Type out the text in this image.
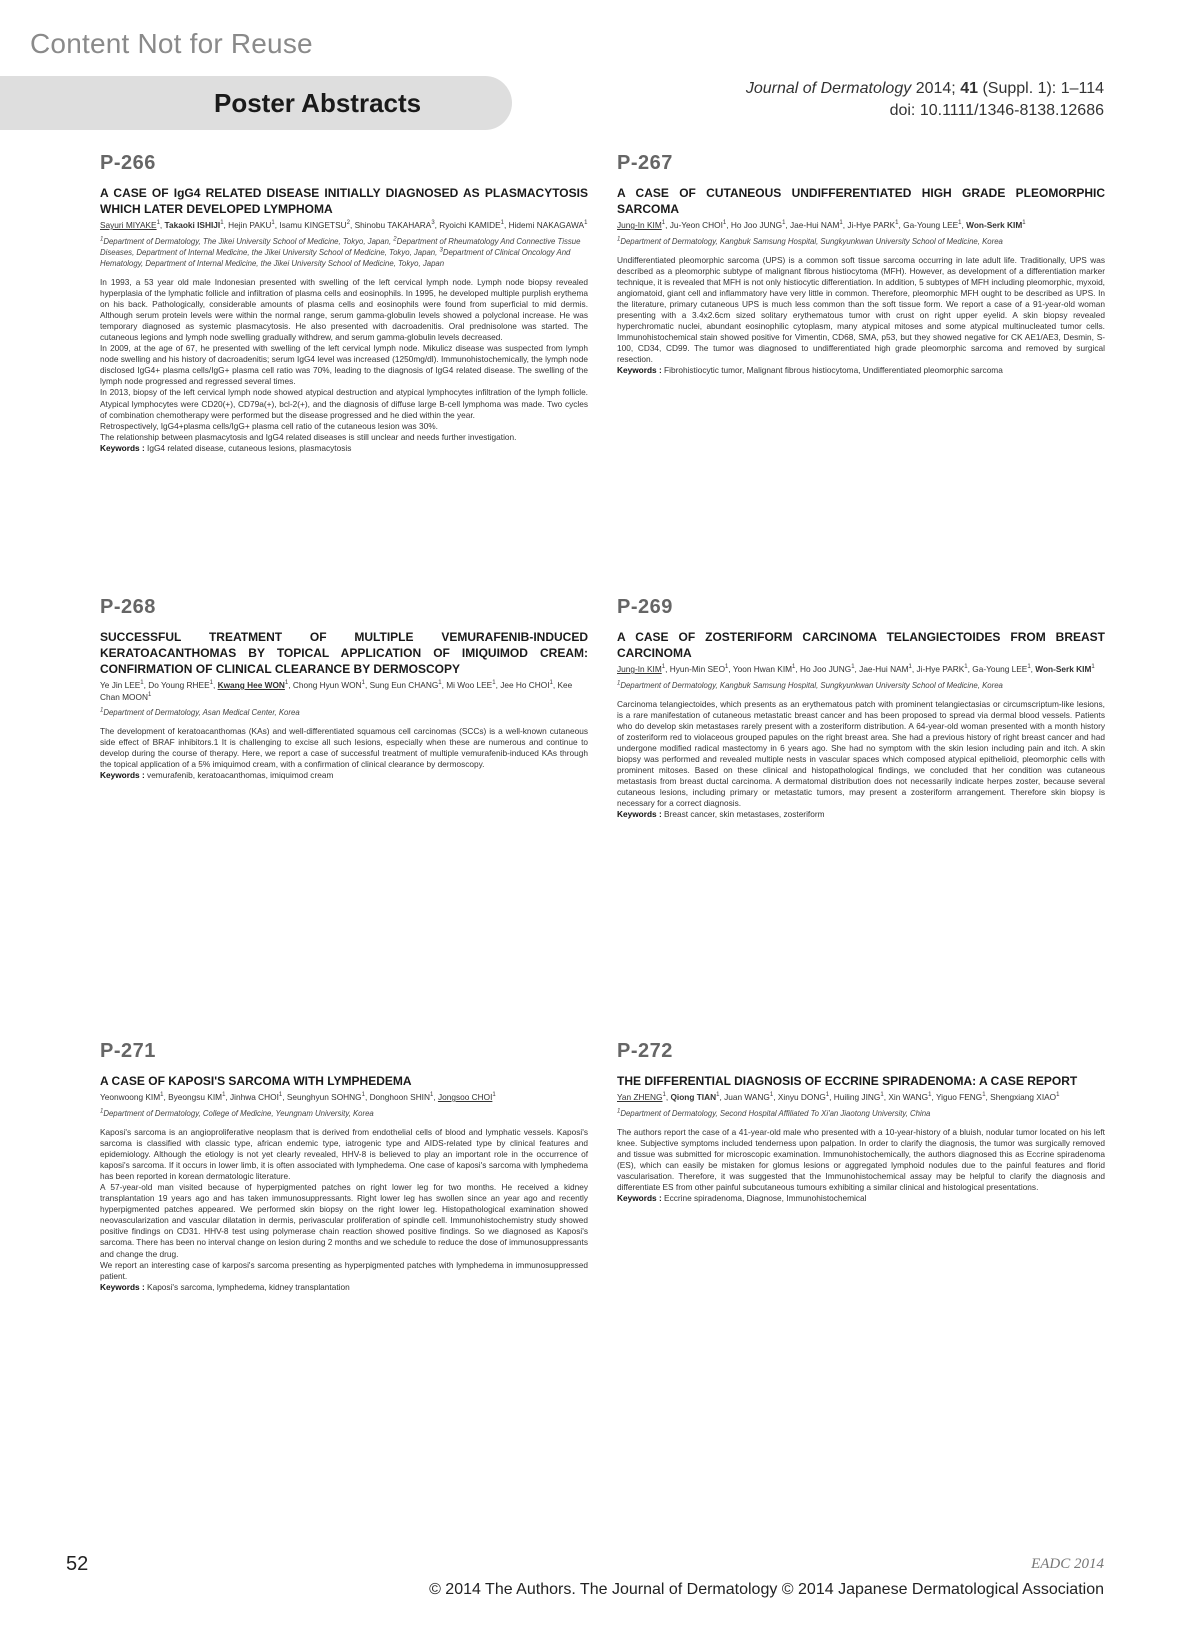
Content Not for Reuse
Poster Abstracts	Journal of Dermatology 2014; 41 (Suppl. 1): 1–114
doi: 10.1111/1346-8138.12686
P-266
A CASE OF IgG4 RELATED DISEASE INITIALLY DIAGNOSED AS PLASMACYTOSIS WHICH LATER DEVELOPED LYMPHOMA
Sayuri MIYAKE$^1$, Takaoki ISHIJI$^1$, Hejin PAKU$^1$, Isamu KINGETSU$^2$, Shinobu TAKAHARA$^3$, Ryoichi KAMIDE$^1$, Hidemi NAKAGAWA$^1$
$^1$Department of Dermatology, The Jikei University School of Medicine, Tokyo, Japan, $^2$Department of Rheumatology And Connective Tissue Diseases, Department of Internal Medicine, the Jikei University School of Medicine, Tokyo, Japan, $^3$Department of Clinical Oncology And Hematology, Department of Internal Medicine, the Jikei University School of Medicine, Tokyo, Japan

In 1993, a 53 year old male Indonesian presented with swelling of the left cervical lymph node. Lymph node biopsy revealed hyperplasia of the lymphatic follicle and infiltration of plasma cells and eosinophils. In 1995, he developed multiple purplish erythema on his back. Pathologically, considerable amounts of plasma cells and eosinophils were found from superficial to mid dermis. Although serum protein levels were within the normal range, serum gamma-globulin levels showed a polyclonal increase. He was temporary diagnosed as systemic plasmacytosis. He also presented with dacroadenitis. Oral prednisolone was started. The cutaneous legions and lymph node swelling gradually withdrew, and serum gamma-globulin levels decreased.

In 2009, at the age of 67, he presented with swelling of the left cervical lymph node. Mikulicz disease was suspected from lymph node swelling and his history of dacroadenitis; serum IgG4 level was increased (1250mg/dl). Immunohistochemically, the lymph node disclosed IgG4+ plasma cells/IgG+ plasma cell ratio was 70%, leading to the diagnosis of IgG4 related disease. The swelling of the lymph node progressed and regressed several times.

In 2013, biopsy of the left cervical lymph node showed atypical destruction and atypical lymphocytes infiltration of the lymph follicle. Atypical lymphocytes were CD20(+), CD79a(+), bcl-2(+), and the diagnosis of diffuse large B-cell lymphoma was made. Two cycles of combination chemotherapy were performed but the disease progressed and he died within the year.

Retrospectively, IgG4+plasma cells/IgG+ plasma cell ratio of the cutaneous lesion was 30%.

The relationship between plasmacytosis and IgG4 related diseases is still unclear and needs further investigation.

Keywords : IgG4 related disease, cutaneous lesions, plasmacytosis
P-267
A CASE OF CUTANEOUS UNDIFFERENTIATED HIGH GRADE PLEOMORPHIC SARCOMA
Jung-In KIM$^1$, Ju-Yeon CHOI$^1$, Ho Joo JUNG$^1$, Jae-Hui NAM$^1$, Ji-Hye PARK$^1$, Ga-Young LEE$^1$, Won-Serk KIM$^1$
$^1$Department of Dermatology, Kangbuk Samsung Hospital, Sungkyunkwan University School of Medicine, Korea

Undifferentiated pleomorphic sarcoma (UPS) is a common soft tissue sarcoma occurring in late adult life. Traditionally, UPS was described as a pleomorphic subtype of malignant fibrous histiocytoma (MFH). However, as development of a differentiation marker technique, it is revealed that MFH is not only histiocytic differentiation. In addition, 5 subtypes of MFH including pleomorphic, myxoid, angiomatoid, giant cell and inflammatory have very little in common. Therefore, pleomorphic MFH ought to be described as UPS. In the literature, primary cutaneous UPS is much less common than the soft tissue form. We report a case of a 91-year-old woman presenting with a 3.4x2.6cm sized solitary erythematous tumor with crust on right upper eyelid. A skin biopsy revealed hyperchromatic nuclei, abundant eosinophilic cytoplasm, many atypical mitoses and some atypical multinucleated tumor cells. Immunohistochemical stain showed positive for Vimentin, CD68, SMA, p53, but they showed negative for CK AE1/AE3, Desmin, S-100, CD34, CD99. The tumor was diagnosed to undifferentiated high grade pleomorphic sarcoma and removed by surgical resection.

Keywords : Fibrohistiocytic tumor, Malignant fibrous histiocytoma, Undifferentiated pleomorphic sarcoma
P-268
SUCCESSFUL TREATMENT OF MULTIPLE VEMURAFENIB-INDUCED KERATOACANTHOMAS BY TOPICAL APPLICATION OF IMIQUIMOD CREAM: CONFIRMATION OF CLINICAL CLEARANCE BY DERMOSCOPY
Ye Jin LEE$^1$, Do Young RHEE$^1$, Kwang Hee WON$^1$, Chong Hyun WON$^1$, Sung Eun CHANG$^1$, Mi Woo LEE$^1$, Jee Ho CHOI$^1$, Kee Chan MOON$^1$
$^1$Department of Dermatology, Asan Medical Center, Korea

The development of keratoacanthomas (KAs) and well-differentiated squamous cell carcinomas (SCCs) is a well-known cutaneous side effect of BRAF inhibitors.1 It is challenging to excise all such lesions, especially when these are numerous and continue to develop during the course of therapy. Here, we report a case of successful treatment of multiple vemurafenib-induced KAs through the topical application of a 5% imiquimod cream, with a confirmation of clinical clearance by dermoscopy.

Keywords : vemurafenib, keratoacanthomas, imiquimod cream
P-269
A CASE OF ZOSTERIFORM CARCINOMA TELANGIECTOIDES FROM BREAST CARCINOMA
Jung-In KIM$^1$, Hyun-Min SEO$^1$, Yoon Hwan KIM$^1$, Ho Joo JUNG$^1$, Jae-Hui NAM$^1$, Ji-Hye PARK$^1$, Ga-Young LEE$^1$, Won-Serk KIM$^1$
$^1$Department of Dermatology, Kangbuk Samsung Hospital, Sungkyunkwan University School of Medicine, Korea

Carcinoma telangiectoides, which presents as an erythematous patch with prominent telangiectasias or circumscriptum-like lesions, is a rare manifestation of cutaneous metastatic breast cancer and has been proposed to spread via dermal blood vessels. Patients who do develop skin metastases rarely present with a zosteriform distribution. A 64-year-old woman presented with a month history of zosteriform red to violaceous grouped papules on the right breast area. She had a previous history of right breast cancer and had undergone modified radical mastectomy in 6 years ago. She had no symptom with the skin lesion including pain and itch. A skin biopsy was performed and revealed multiple nests in vascular spaces which composed atypical epithelioid, pleomorphic cells with prominent mitoses. Based on these clinical and histopathological findings, we concluded that her condition was cutaneous metastasis from breast ductal carcinoma. A dermatomal distribution does not necessarily indicate herpes zoster, because several cutaneous lesions, including primary or metastatic tumors, may present a zosteriform arrangement. Therefore skin biopsy is necessary for a correct diagnosis.

Keywords : Breast cancer, skin metastases, zosteriform
P-271
A CASE OF KAPOSI'S SARCOMA WITH LYMPHEDEMA
Yeonwoong KIM$^1$, Byeongsu KIM$^1$, Jinhwa CHOI$^1$, Seunghyun SOHNG$^1$, Donghoon SHIN$^1$, Jongsoo CHOI$^1$
$^1$Department of Dermatology, College of Medicine, Yeungnam University, Korea

Kaposi's sarcoma is an angioproliferative neoplasm that is derived from endothelial cells of blood and lymphatic vessels. Kaposi's sarcoma is classified with classic type, african endemic type, iatrogenic type and AIDS-related type by clinical features and epidemiology. Although the etiology is not yet clearly revealed, HHV-8 is believed to play an important role in the occurrence of kaposi's sarcoma. If it occurs in lower limb, it is often associated with lymphedema. One case of kaposi's sarcoma with lymphedema has been reported in korean dermatologic literature.

A 57-year-old man visited because of hyperpigmented patches on right lower leg for two months. He received a kidney transplantation 19 years ago and has taken immunosuppressants. Right lower leg has swollen since an year ago and recently hyperpigmented patches appeared. We performed skin biopsy on the right lower leg. Histopathological examination showed neovascularization and vascular dilatation in dermis, perivascular proliferation of spindle cell. Immunohistochemistry study showed positive findings on CD31. HHV-8 test using polymerase chain reaction showed positive findings. So we diagnosed as Kaposi's sarcoma. There has been no interval change on lesion during 2 months and we schedule to reduce the dose of immunosuppressants and change the drug.

We report an interesting case of karposi's sarcoma presenting as hyperpigmented patches with lymphedema in immunosuppressed patient.

Keywords : Kaposi's sarcoma, lymphedema, kidney transplantation
P-272
THE DIFFERENTIAL DIAGNOSIS OF ECCRINE SPIRADENOMA: A CASE REPORT
Yan ZHENG$^1$, Qiong TIAN$^1$, Juan WANG$^1$, Xinyu DONG$^1$, Huiling JING$^1$, Xin WANG$^1$, Yiguo FENG$^1$, Shengxiang XIAO$^1$
$^1$Department of Dermatology, Second Hospital Affiliated To Xi'an Jiaotong University, China

The authors report the case of a 41-year-old male who presented with a 10-year-history of a bluish, nodular tumor located on his left knee. Subjective symptoms included tenderness upon palpation. In order to clarify the diagnosis, the tumor was surgically removed and tissue was submitted for microscopic examination. Immunohistochemically, the authors diagnosed this as Eccrine spiradenoma (ES), which can easily be mistaken for glomus lesions or aggregated lymphoid nodules due to the painful features and florid vascularisation. Therefore, it was suggested that the Immunohistochemical assay may be helpful to clarify the diagnosis and differentiate ES from other painful subcutaneous tumours exhibiting a similar clinical and histological presentations.

Keywords : Eccrine spiradenoma, Diagnose, Immunohistochemical
52	EADC 2014
© 2014 The Authors. The Journal of Dermatology © 2014 Japanese Dermatological Association
